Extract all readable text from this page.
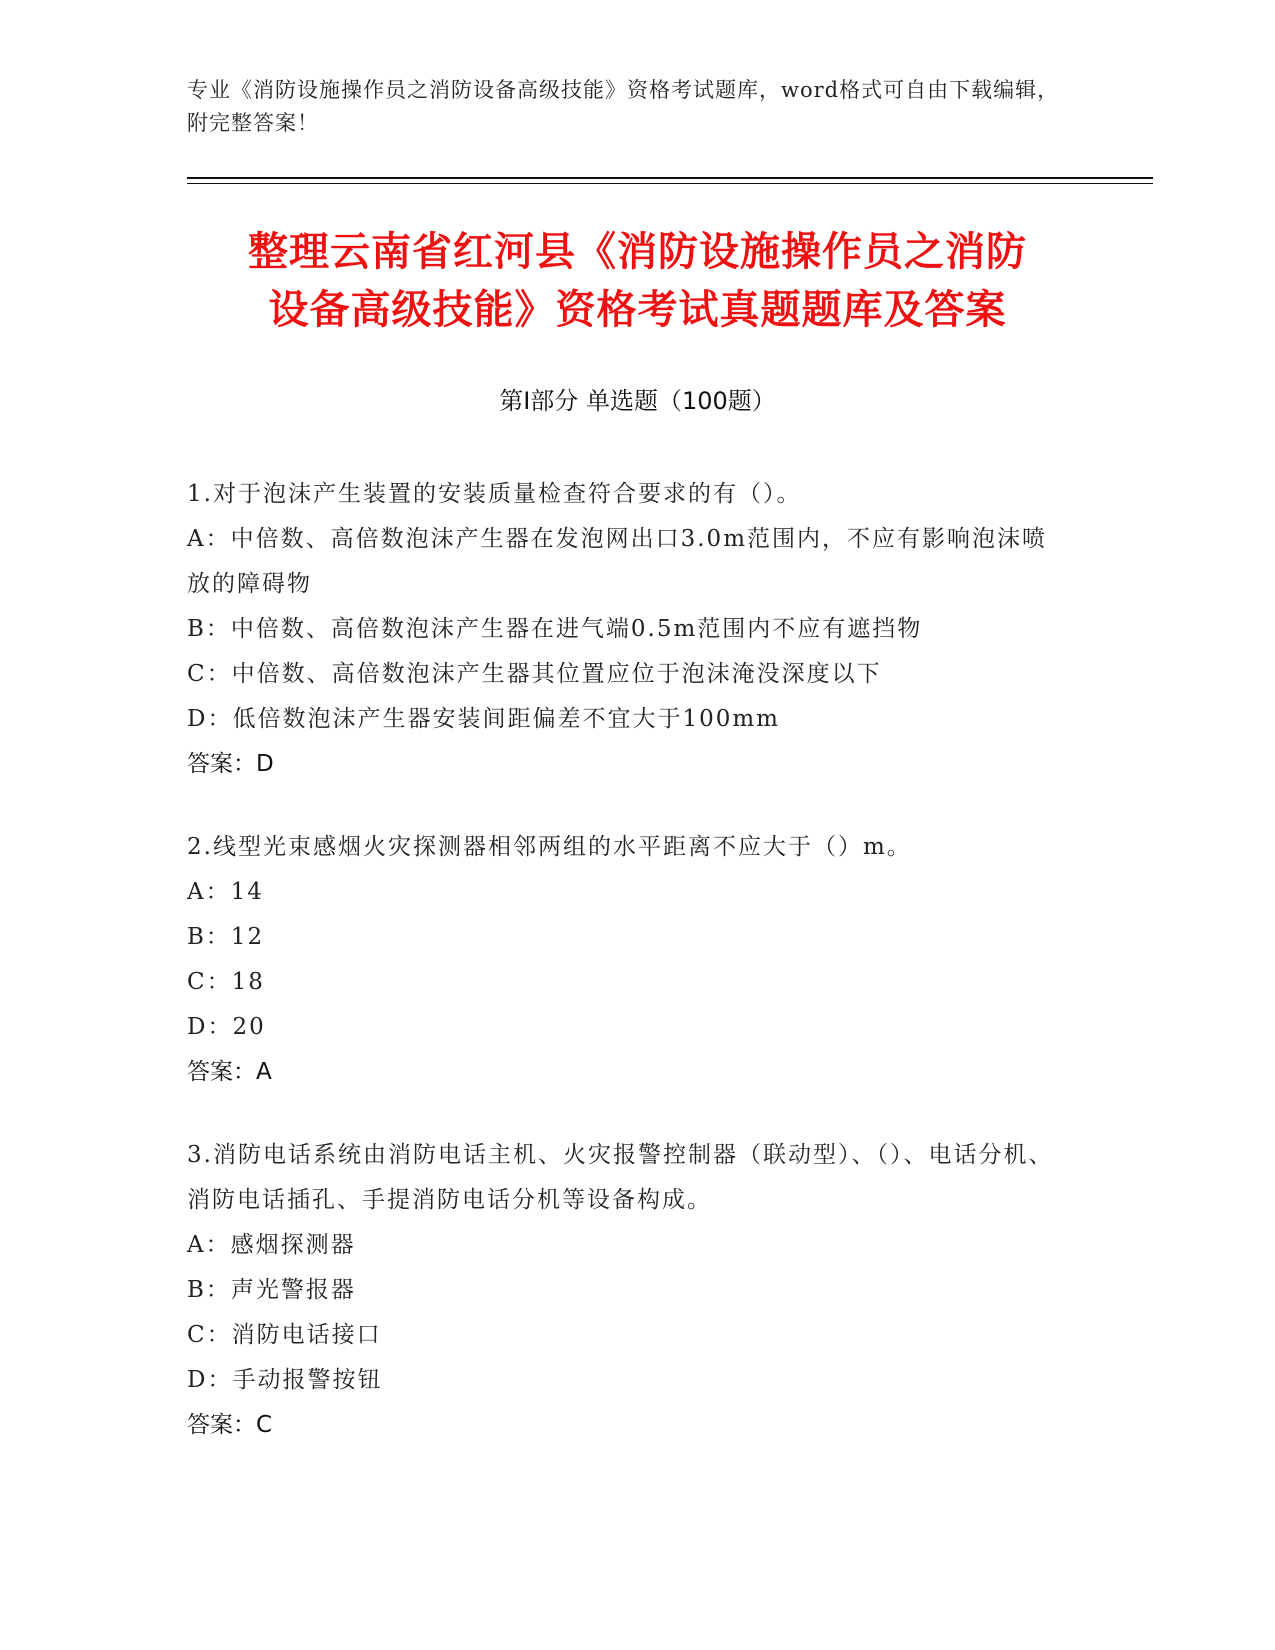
专业《消防设施操作员之消防设备高级技能》资格考试题库，word格式可自由下载编辑，附完整答案！
整理云南省红河县《消防设施操作员之消防
设备高级技能》资格考试真题题库及答案
第Ⅰ部分 单选题（100题）
1.对于泡沫产生装置的安装质量检查符合要求的有（）。
A：中倍数、高倍数泡沫产生器在发泡网出口3.0m范围内，不应有影响泡沫喷放的障碍物
B：中倍数、高倍数泡沫产生器在进气端0.5m范围内不应有遮挡物
C：中倍数、高倍数泡沫产生器其位置应位于泡沫淹没深度以下
D：低倍数泡沫产生器安装间距偏差不宜大于100mm
答案：D
2.线型光束感烟火灾探测器相邻两组的水平距离不应大于（）m。
A：14
B：12
C：18
D：20
答案：A
3.消防电话系统由消防电话主机、火灾报警控制器（联动型）、（）、电话分机、消防电话插孔、手提消防电话分机等设备构成。
A：感烟探测器
B：声光警报器
C：消防电话接口
D：手动报警按钮
答案：C
